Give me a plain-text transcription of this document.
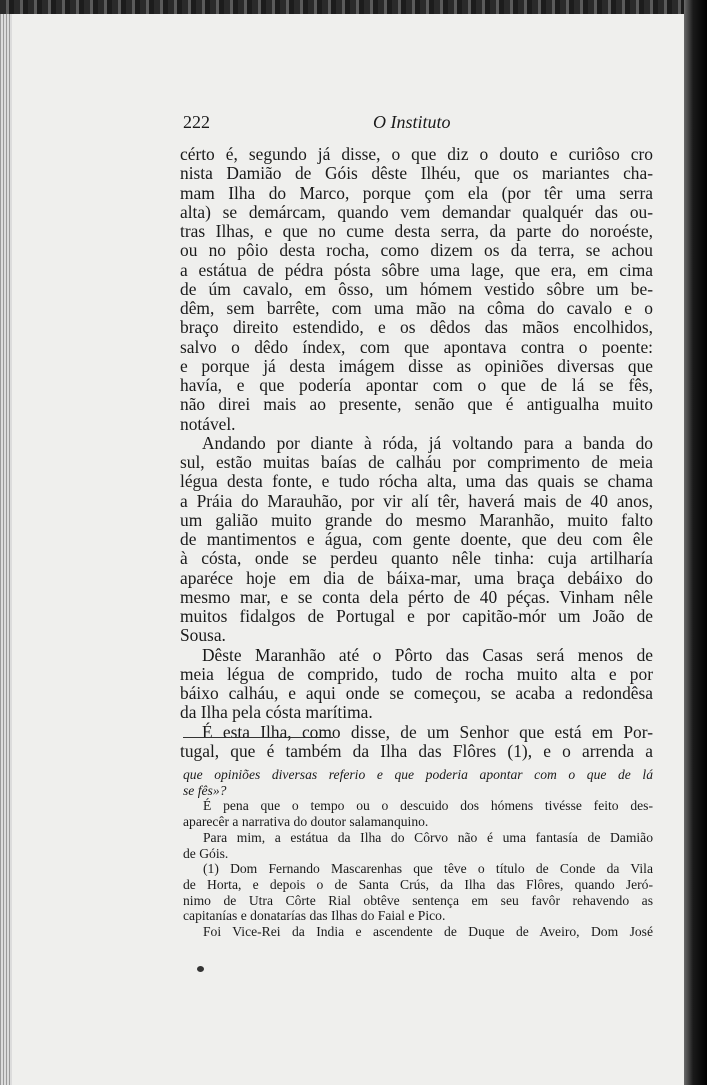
222	O Instituto

cérto é, segundo já disse, o que diz o douto e curiôso cro
nista Damião de Góis dêste Ilhéu, que os mariantes cha-
mam Ilha do Marco, porque çom ela (por têr uma serra
alta) se demárcam, quando vem demandar qualquér das ou-
tras Ilhas, e que no cume desta serra, da parte do noroéste,
ou no pôio desta rocha, como dizem os da terra, se achou
a estátua de pédra pósta sôbre uma lage, que era, em cima
de úm cavalo, em ôsso, um hómem vestido sôbre um be-
dêm, sem barrête, com uma mão na côma do cavalo e o
braço direito estendido, e os dêdos das mãos encolhidos,
salvo o dêdo índex, com que apontava contra o poente:
e porque já desta imágem disse as opiniões diversas que
havía, e que podería apontar com o que de lá se fês,
não direi mais ao presente, senão que é antigualha muito
notável.

Andando por diante à róda, já voltando para a banda do
sul, estão muitas baías de calháu por comprimento de meia
légua desta fonte, e tudo rócha alta, uma das quais se chama
a Práia do Marauhão, por vir alí têr, haverá mais de 40 anos,
um galião muito grande do mesmo Maranhão, muito falto
de mantimentos e água, com gente doente, que deu com êle
à cósta, onde se perdeu quanto nêle tinha: cuja artilharía
aparéce hoje em dia de báixa-mar, uma braça debáixo do
mesmo mar, e se conta dela pérto de 40 péças. Vinham nêle
muitos fidalgos de Portugal e por capitão-mór um João de
Sousa.

Dêste Maranhão até o Pôrto das Casas será menos de
meia légua de comprido, tudo de rocha muito alta e por
báixo calháu, e aqui onde se começou, se acaba a redondêsa
da Ilha pela cósta marítima.

É esta Ilha, como disse, de um Senhor que está em Por-
tugal, que é também da Ilha das Flôres (1), e o arrenda a

que opiniões diversas referio e que poderia apontar com o que de lá
se fês»?

É pena que o tempo ou o descuido dos hómens tivésse feito des-
aparecêr a narrativa do doutor salamanquino.

Para mim, a estátua da Ilha do Côrvo não é uma fantasía de Damião
de Góis.

(1) Dom Fernando Mascarenhas que têve o título de Conde da Vila
de Horta, e depois o de Santa Crús, da Ilha das Flôres, quando Jeró-
nimo de Utra Côrte Rial obtêve sentença em seu favôr rehavendo as
capitanías e donatarías das Ilhas do Faial e Pico.

Foi Vice-Rei da India e ascendente de Duque de Aveiro, Dom José
